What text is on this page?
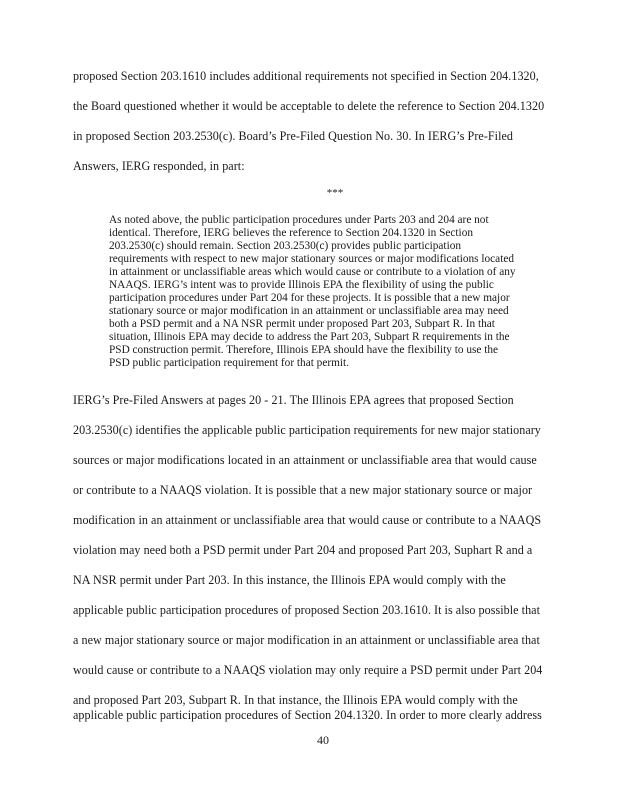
proposed Section 203.1610 includes additional requirements not specified in Section 204.1320,
the Board questioned whether it would be acceptable to delete the reference to Section 204.1320
in proposed Section 203.2530(c). Board’s Pre-Filed Question No. 30. In IERG’s Pre-Filed
Answers, IERG responded, in part:
***
As noted above, the public participation procedures under Parts 203 and 204 are not
identical. Therefore, IERG believes the reference to Section 204.1320 in Section
203.2530(c) should remain. Section 203.2530(c) provides public participation
requirements with respect to new major stationary sources or major modifications located
in attainment or unclassifiable areas which would cause or contribute to a violation of any
NAAQS. IERG’s intent was to provide Illinois EPA the flexibility of using the public
participation procedures under Part 204 for these projects. It is possible that a new major
stationary source or major modification in an attainment or unclassifiable area may need
both a PSD permit and a NA NSR permit under proposed Part 203, Subpart R. In that
situation, Illinois EPA may decide to address the Part 203, Subpart R requirements in the
PSD construction permit. Therefore, Illinois EPA should have the flexibility to use the
PSD public participation requirement for that permit.
IERG’s Pre-Filed Answers at pages 20 - 21. The Illinois EPA agrees that proposed Section
203.2530(c) identifies the applicable public participation requirements for new major stationary
sources or major modifications located in an attainment or unclassifiable area that would cause
or contribute to a NAAQS violation. It is possible that a new major stationary source or major
modification in an attainment or unclassifiable area that would cause or contribute to a NAAQS
violation may need both a PSD permit under Part 204 and proposed Part 203, Suphart R and a
NA NSR permit under Part 203. In this instance, the Illinois EPA would comply with the
applicable public participation procedures of proposed Section 203.1610. It is also possible that
a new major stationary source or major modification in an attainment or unclassifiable area that
would cause or contribute to a NAAQS violation may only require a PSD permit under Part 204
and proposed Part 203, Subpart R. In that instance, the Illinois EPA would comply with the
applicable public participation procedures of Section 204.1320. In order to more clearly address
40
